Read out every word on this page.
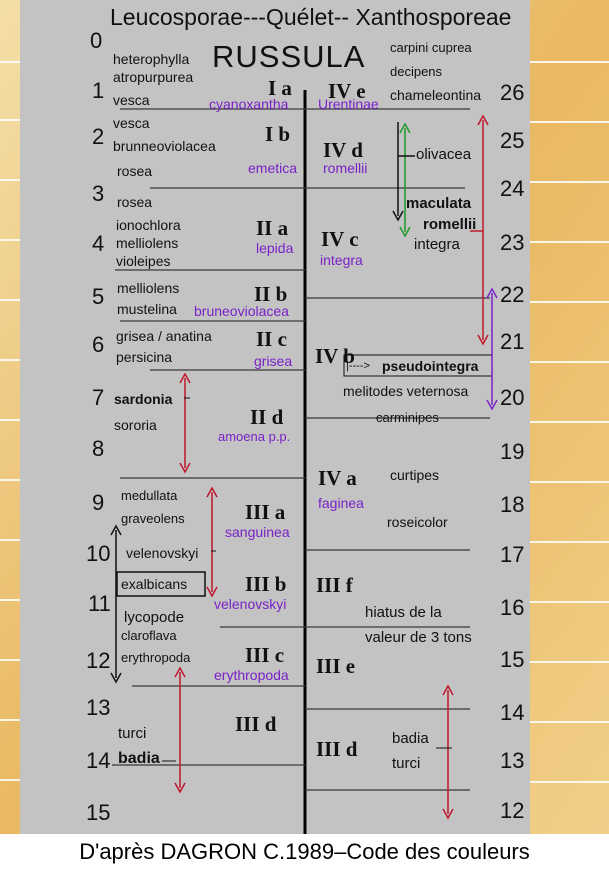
Leucosporae---Quélet-- Xanthosporeae
RUSSULA
0
1
2
3
4
5
6
7
8
9
10
11
12
13
14
15
26
25
24
23
22
21
20
19
18
17
16
15
14
13
12
I a
I b
II a
II b
II c
II d
III a
III b
III c
III d
IV e
IV d
IV c
IV b
IV a
III f
III e
III d
heterophylla
atropurpurea
vesca
vesca
brunneoviolacea
rosea
rosea
ionochlora
melliolens
violeipes
melliolens
mustelina
grisea / anatina
persicina
sardonia
sororia
medullata
graveolens
velenovskyi
exalbicans
lycopode
claroflava
erythropoda
turci
badia
cyanoxantha
emetica
lepida
bruneoviolacea
grisea
amoena p.p.
sanguinea
velenovskyi
erythropoda
carpini cuprea
decipens
chameleontina
olivacea
maculata
romellii
integra
|----> pseudointegra
melitodes veternosa
carminipes
curtipes
roseicolor
hiatus de la
valeur de 3 tons
badia
turci
Urentinae
romellii
integra
faginea
D'après DAGRON C.1989–Code des couleurs
